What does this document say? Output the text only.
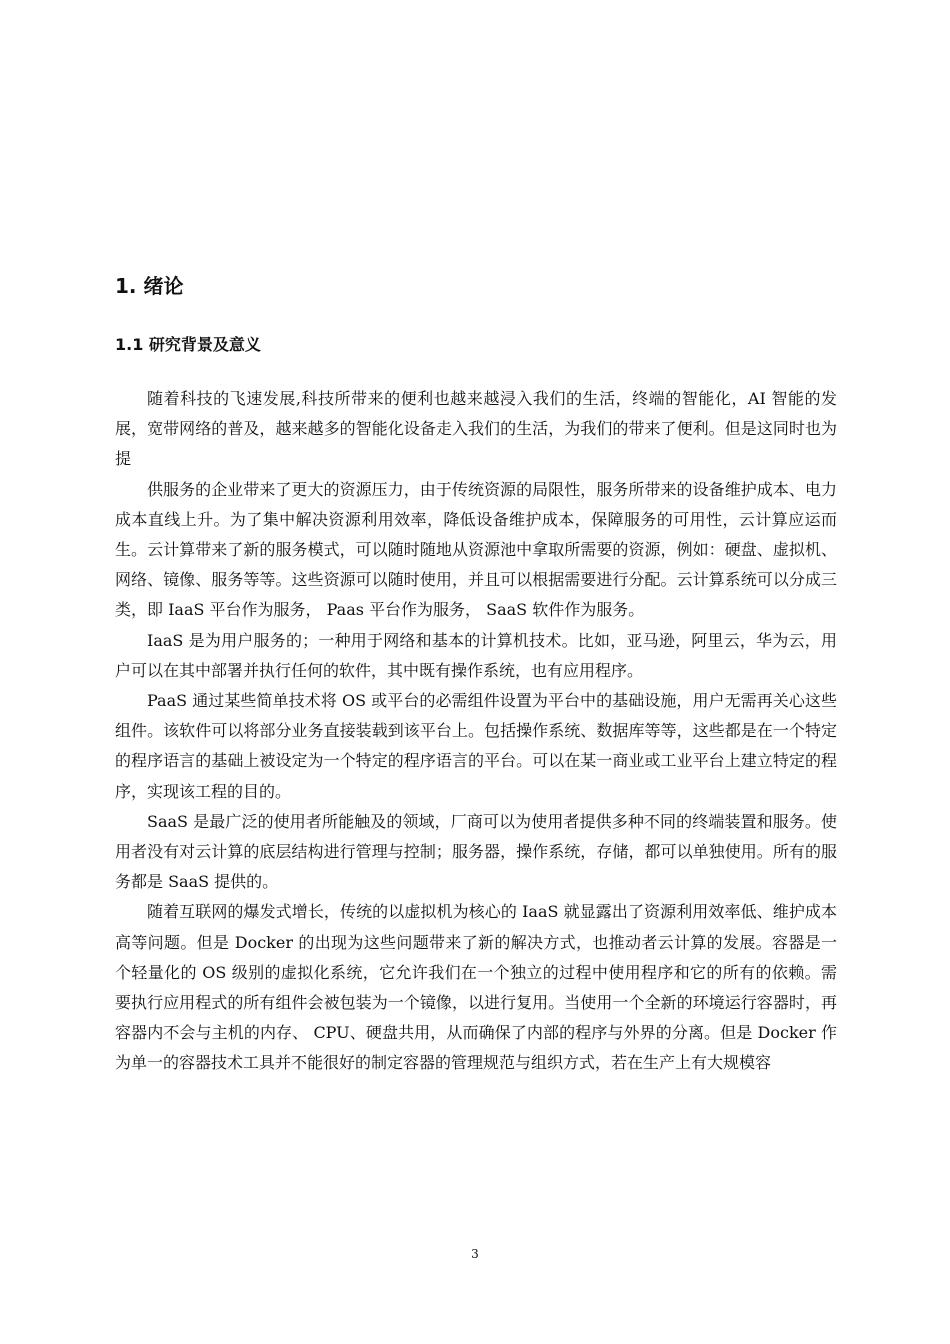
1. 绪论
1.1 研究背景及意义

随着科技的飞速发展,科技所带来的便利也越来越浸入我们的生活，终端的智能化，AI 智能的发展，宽带网络的普及，越来越多的智能化设备走入我们的生活，为我们的带来了便利。但是这同时也为提

供服务的企业带来了更大的资源压力，由于传统资源的局限性，服务所带来的设备维护成本、电力成本直线上升。为了集中解决资源利用效率，降低设备维护成本，保障服务的可用性，云计算应运而生。云计算带来了新的服务模式，可以随时随地从资源池中拿取所需要的资源，例如：硬盘、虚拟机、网络、镜像、服务等等。这些资源可以随时使用，并且可以根据需要进行分配。云计算系统可以分成三类，即 IaaS 平台作为服务， Paas 平台作为服务， SaaS 软件作为服务。

IaaS 是为用户服务的；一种用于网络和基本的计算机技术。比如，亚马逊，阿里云，华为云，用户可以在其中部署并执行任何的软件，其中既有操作系统，也有应用程序。

PaaS 通过某些简单技术将 OS 或平台的必需组件设置为平台中的基础设施，用户无需再关心这些组件。该软件可以将部分业务直接装载到该平台上。包括操作系统、数据库等等，这些都是在一个特定的程序语言的基础上被设定为一个特定的程序语言的平台。可以在某一商业或工业平台上建立特定的程序，实现该工程的目的。

SaaS 是最广泛的使用者所能触及的领域，厂商可以为使用者提供多种不同的终端装置和服务。使用者没有对云计算的底层结构进行管理与控制；服务器，操作系统，存储，都可以单独使用。所有的服务都是 SaaS 提供的。

随着互联网的爆发式增长，传统的以虚拟机为核心的 IaaS 就显露出了资源利用效率低、维护成本高等问题。但是 Docker 的出现为这些问题带来了新的解决方式，也推动者云计算的发展。容器是一个轻量化的 OS 级别的虚拟化系统，它允许我们在一个独立的过程中使用程序和它的所有的依赖。需要执行应用程式的所有组件会被包装为一个镜像，以进行复用。当使用一个全新的环境运行容器时，再容器内不会与主机的内存、 CPU、硬盘共用，从而确保了内部的程序与外界的分离。但是 Docker 作为单一的容器技术工具并不能很好的制定容器的管理规范与组织方式，若在生产上有大规模容

3
